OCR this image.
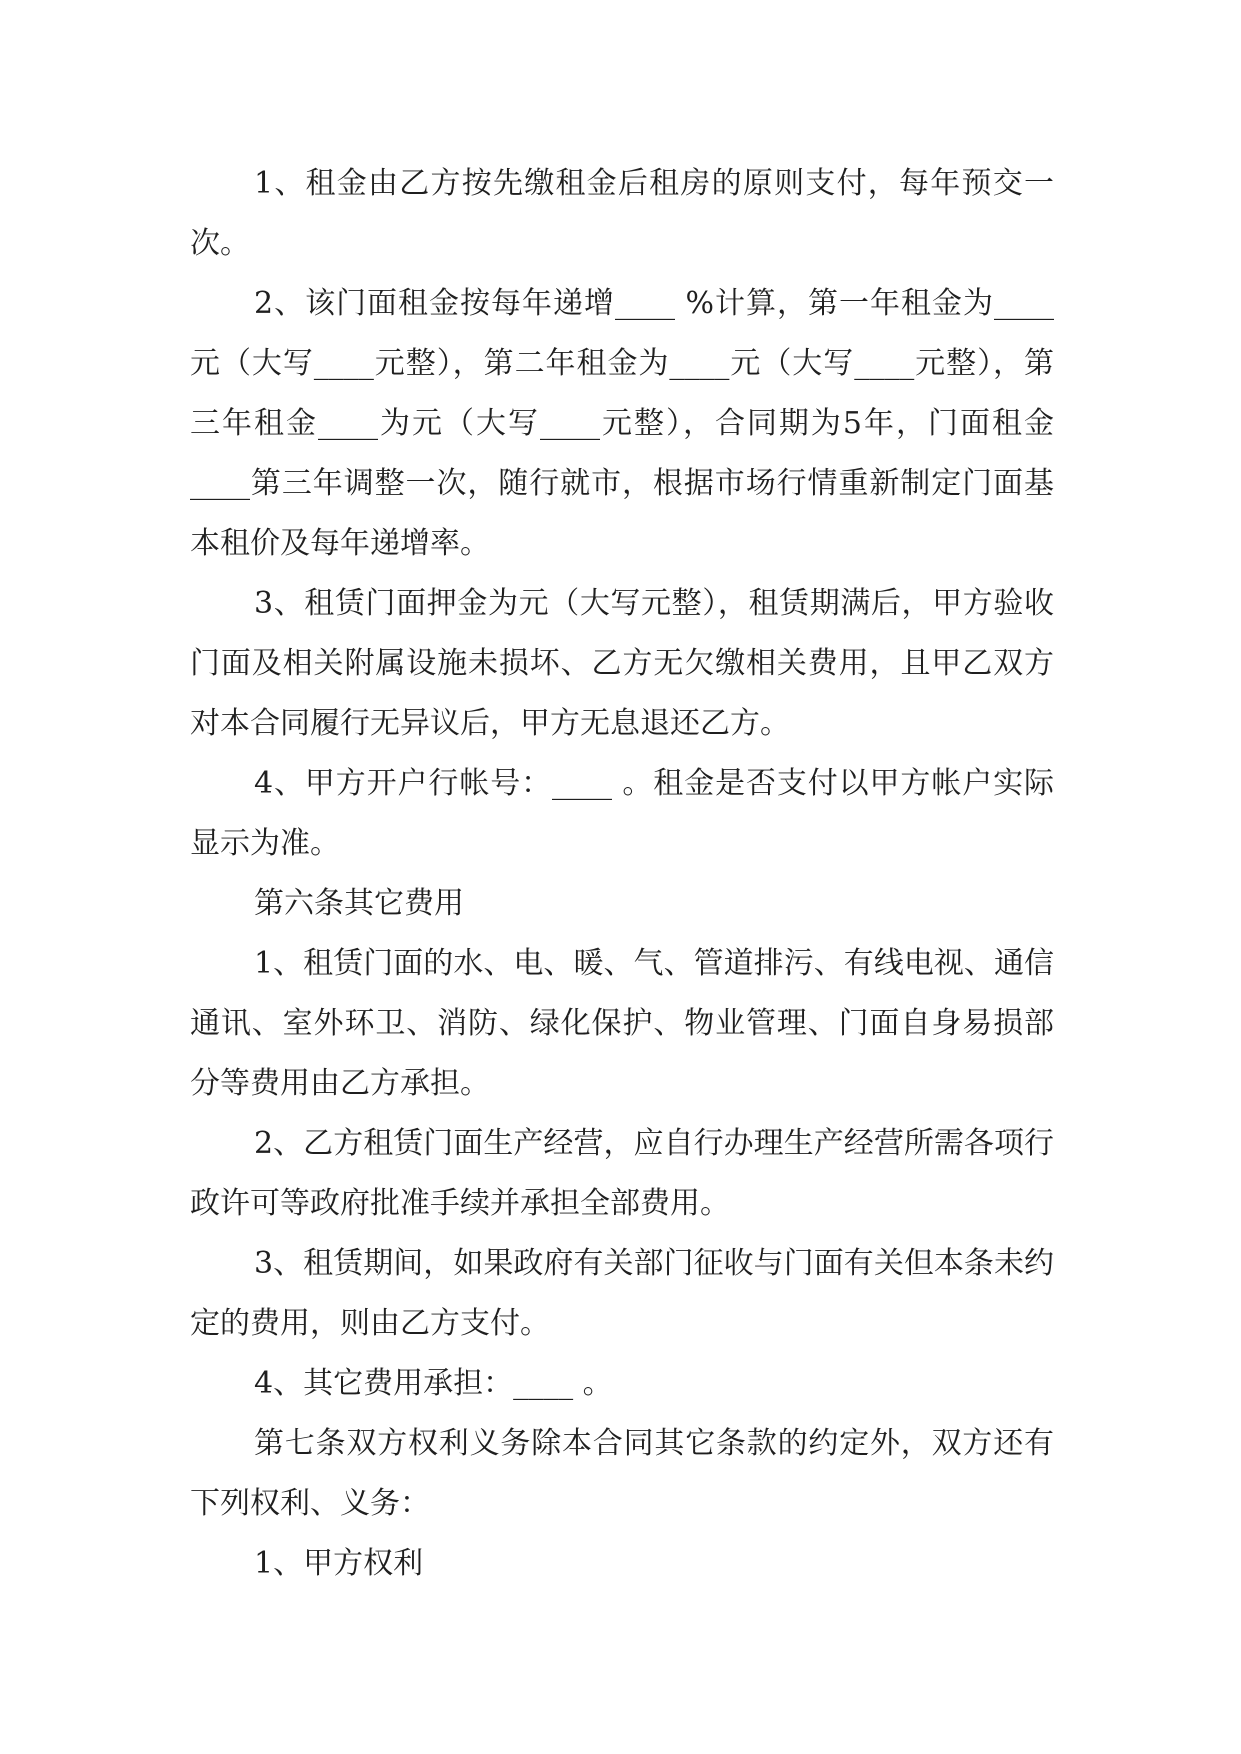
1、租金由乙方按先缴租金后租房的原则支付，每年预交一次。

2、该门面租金按每年递增____ %计算，第一年租金为____元（大写____元整），第二年租金为____元（大写____元整），第三年租金____为元（大写____元整），合同期为5年，门面租金____第三年调整一次，随行就市，根据市场行情重新制定门面基本租价及每年递增率。

3、租赁门面押金为元（大写元整），租赁期满后，甲方验收门面及相关附属设施未损坏、乙方无欠缴相关费用，且甲乙双方对本合同履行无异议后，甲方无息退还乙方。

4、甲方开户行帐号：____ 。租金是否支付以甲方帐户实际显示为准。

第六条其它费用

1、租赁门面的水、电、暖、气、管道排污、有线电视、通信通讯、室外环卫、消防、绿化保护、物业管理、门面自身易损部分等费用由乙方承担。

2、乙方租赁门面生产经营，应自行办理生产经营所需各项行政许可等政府批准手续并承担全部费用。

3、租赁期间，如果政府有关部门征收与门面有关但本条未约定的费用，则由乙方支付。

4、其它费用承担：____ 。

第七条双方权利义务除本合同其它条款的约定外，双方还有下列权利、义务：

1、甲方权利
